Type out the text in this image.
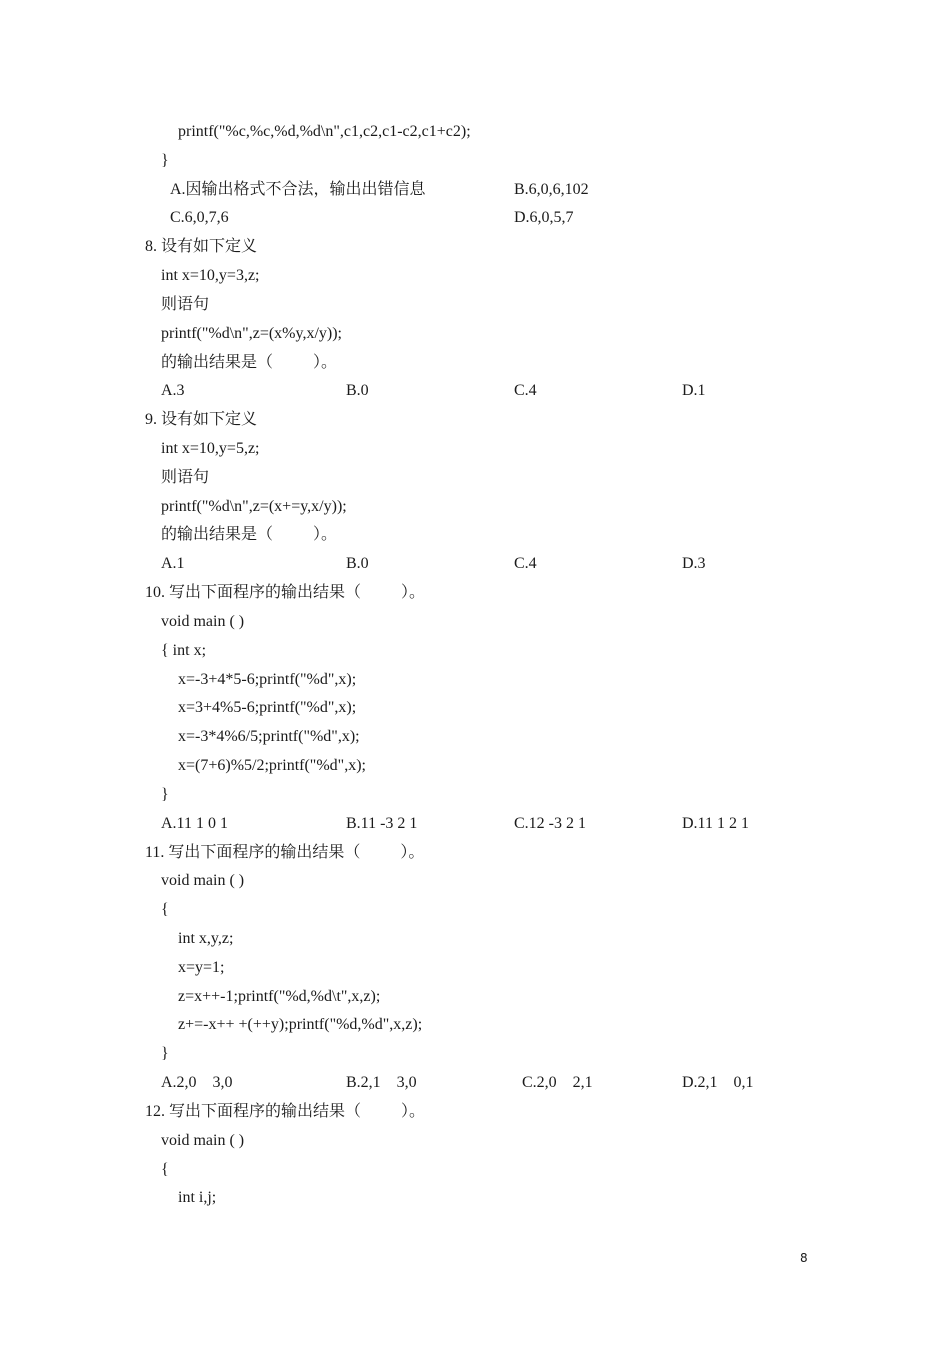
printf("%c,%c,%d,%d\n",c1,c2,c1-c2,c1+c2);
}
A.因输出格式不合法，输出出错信息	B.6,0,6,102
C.6,0,7,6	D.6,0,5,7
8. 设有如下定义
int x=10,y=3,z;
则语句
printf("%d\n",z=(x%y,x/y));
的输出结果是（          ）。
A.3	B.0	C.4	D.1
9. 设有如下定义
int x=10,y=5,z;
则语句
printf("%d\n",z=(x+=y,x/y));
的输出结果是（          ）。
A.1	B.0	C.4	D.3
10. 写出下面程序的输出结果（          ）。
void main ( )
{ int x;
x=-3+4*5-6;printf("%d",x);
x=3+4%5-6;printf("%d",x);
x=-3*4%6/5;printf("%d",x);
x=(7+6)%5/2;printf("%d",x);
}
A.11 1 0 1	B.11 -3 2 1	C.12 -3 2 1	D.11 1 2 1
11. 写出下面程序的输出结果（          ）。
void main ( )
{
int x,y,z;
x=y=1;
z=x++-1;printf("%d,%d\t",x,z);
z+=-x++ +(++y);printf("%d,%d",x,z);
}
A.2,0    3,0	B.2,1    3,0	C.2,0    2,1	D.2,1    0,1
12. 写出下面程序的输出结果（          ）。
void main ( )
{
int i,j;
8
